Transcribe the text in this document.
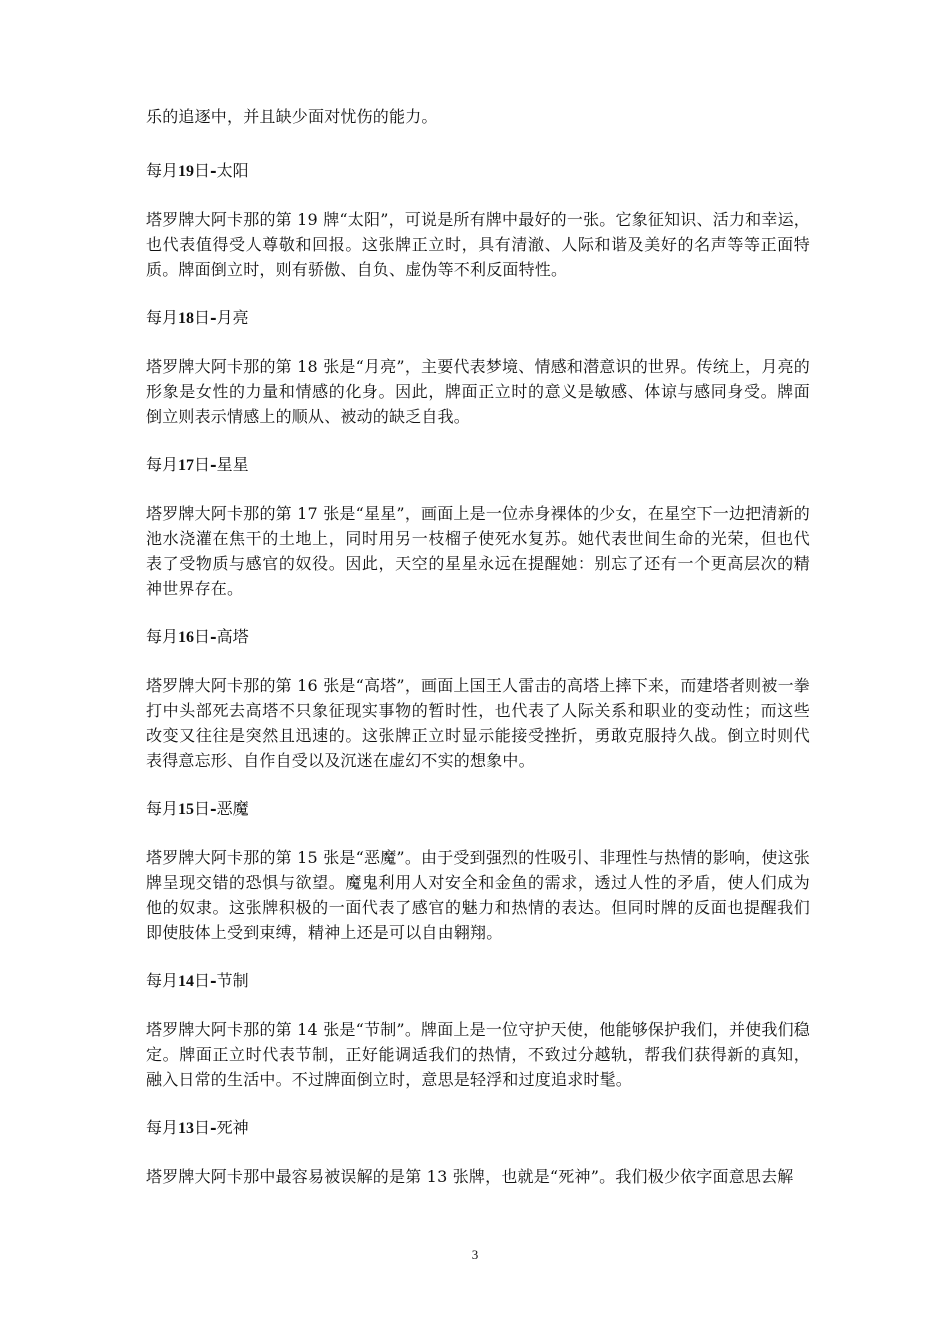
乐的追逐中，并且缺少面对忧伤的能力。

每月19日-太阳

塔罗牌大阿卡那的第 19 牌“太阳”，可说是所有牌中最好的一张。它象征知识、活力和幸运，也代表值得受人尊敬和回报。这张牌正立时，具有清澈、人际和谐及美好的名声等等正面特质。牌面倒立时，则有骄傲、自负、虚伪等不利反面特性。

每月18日-月亮

塔罗牌大阿卡那的第 18 张是“月亮”，主要代表梦境、情感和潜意识的世界。传统上，月亮的形象是女性的力量和情感的化身。因此，牌面正立时的意义是敏感、体谅与感同身受。牌面倒立则表示情感上的顺从、被动的缺乏自我。

每月17日-星星

塔罗牌大阿卡那的第 17 张是“星星”，画面上是一位赤身裸体的少女，在星空下一边把清新的池水浇灌在焦干的土地上，同时用另一枝榴子使死水复苏。她代表世间生命的光荣，但也代表了受物质与感官的奴役。因此，天空的星星永远在提醒她：别忘了还有一个更高层次的精神世界存在。

每月16日-高塔

塔罗牌大阿卡那的第 16 张是“高塔”，画面上国王人雷击的高塔上摔下来，而建塔者则被一拳打中头部死去高塔不只象征现实事物的暂时性，也代表了人际关系和职业的变动性；而这些改变又往往是突然且迅速的。这张牌正立时显示能接受挫折，勇敢克服持久战。倒立时则代表得意忘形、自作自受以及沉迷在虚幻不实的想象中。

每月15日-恶魔

塔罗牌大阿卡那的第 15 张是“恶魔”。由于受到强烈的性吸引、非理性与热情的影响，使这张牌呈现交错的恐惧与欲望。魔鬼利用人对安全和金鱼的需求，透过人性的矛盾，使人们成为他的奴隶。这张牌积极的一面代表了感官的魅力和热情的表达。但同时牌的反面也提醒我们即使肢体上受到束缚，精神上还是可以自由翱翔。

每月14日-节制

塔罗牌大阿卡那的第 14 张是“节制”。牌面上是一位守护天使，他能够保护我们，并使我们稳定。牌面正立时代表节制，正好能调适我们的热情，不致过分越轨，帮我们获得新的真知，融入日常的生活中。不过牌面倒立时，意思是轻浮和过度追求时髦。

每月13日-死神

塔罗牌大阿卡那中最容易被误解的是第 13 张牌，也就是“死神”。我们极少依字面意思去解

3
